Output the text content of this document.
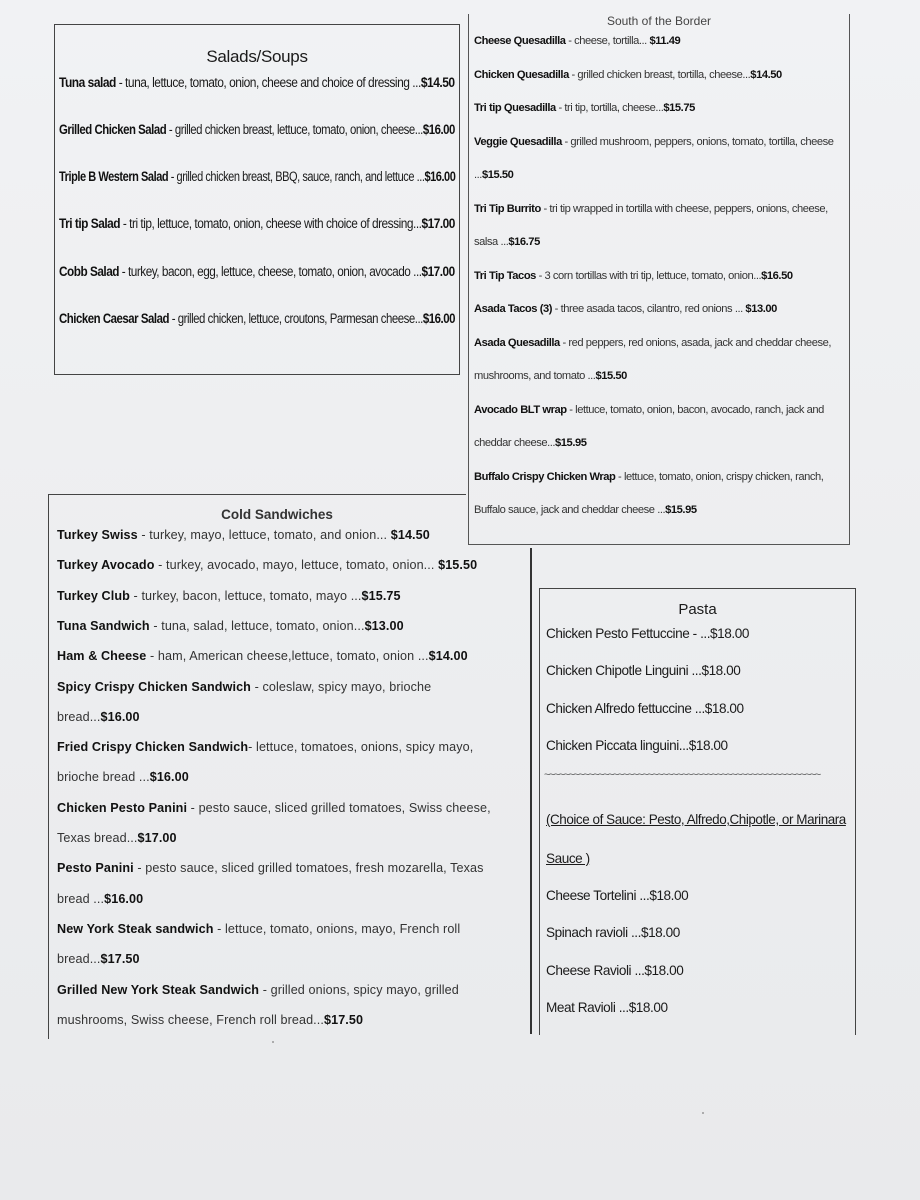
Salads/Soups
Tuna salad - tuna, lettuce, tomato, onion, cheese and choice of dressing ...$14.50
Grilled Chicken Salad - grilled chicken breast, lettuce, tomato, onion, cheese...$16.00
Triple B Western Salad - grilled chicken breast, BBQ, sauce, ranch, and lettuce ...$16.00
Tri tip Salad - tri tip, lettuce, tomato, onion, cheese with choice of dressing...$17.00
Cobb Salad - turkey, bacon, egg, lettuce, cheese, tomato, onion, avocado ...$17.00
Chicken Caesar Salad - grilled chicken, lettuce, croutons, Parmesan cheese...$16.00
South of the Border
Cheese Quesadilla - cheese, tortilla... $11.49
Chicken Quesadilla - grilled chicken breast, tortilla, cheese...$14.50
Tri tip Quesadilla - tri tip, tortilla, cheese...$15.75
Veggie Quesadilla - grilled mushroom, peppers, onions, tomato, tortilla, cheese
...$15.50
Tri Tip Burrito - tri tip wrapped in tortilla with cheese, peppers, onions, cheese,
salsa ...$16.75
Tri Tip Tacos - 3 corn tortillas with tri tip, lettuce, tomato, onion...$16.50
Asada Tacos (3) - three asada tacos, cilantro, red onions ... $13.00
Asada Quesadilla - red peppers, red onions, asada, jack and cheddar cheese,
mushrooms, and tomato ...$15.50
Avocado BLT wrap - lettuce, tomato, onion, bacon, avocado, ranch, jack and
cheddar cheese...$15.95
Buffalo Crispy Chicken Wrap - lettuce, tomato, onion, crispy chicken, ranch,
Buffalo sauce, jack and cheddar cheese ...$15.95
Cold Sandwiches
Turkey Swiss - turkey, mayo, lettuce, tomato, and onion... $14.50
Turkey Avocado - turkey, avocado, mayo, lettuce, tomato, onion... $15.50
Turkey Club - turkey, bacon, lettuce, tomato, mayo ...$15.75
Tuna Sandwich - tuna, salad, lettuce, tomato, onion...$13.00
Ham & Cheese - ham, American cheese,lettuce, tomato, onion ...$14.00
Spicy Crispy Chicken Sandwich - coleslaw, spicy mayo, brioche
bread...$16.00
Fried Crispy Chicken Sandwich- lettuce, tomatoes, onions, spicy mayo,
brioche bread ...$16.00
Chicken Pesto Panini - pesto sauce, sliced grilled tomatoes, Swiss cheese,
Texas bread...$17.00
Pesto Panini - pesto sauce, sliced grilled tomatoes, fresh mozarella, Texas
bread ...$16.00
New York Steak sandwich - lettuce, tomato, onions, mayo, French roll
bread...$17.50
Grilled New York Steak Sandwich - grilled onions, spicy mayo, grilled
mushrooms, Swiss cheese, French roll bread...$17.50
Pasta
Chicken Pesto Fettuccine - ...$18.00
Chicken Chipotle Linguini ...$18.00
Chicken Alfredo fettuccine ...$18.00
Chicken Piccata linguini...$18.00
~~~~~~~~~~~~~~~~~~~~~~~~~~~~~~~~~~~~~~~~~~~~~~~~~~~~~~~~
(Choice of Sauce: Pesto, Alfredo,Chipotle, or Marinara
Sauce )
Cheese Tortelini ...$18.00
Spinach ravioli ...$18.00
Cheese Ravioli ...$18.00
Meat Ravioli ...$18.00
